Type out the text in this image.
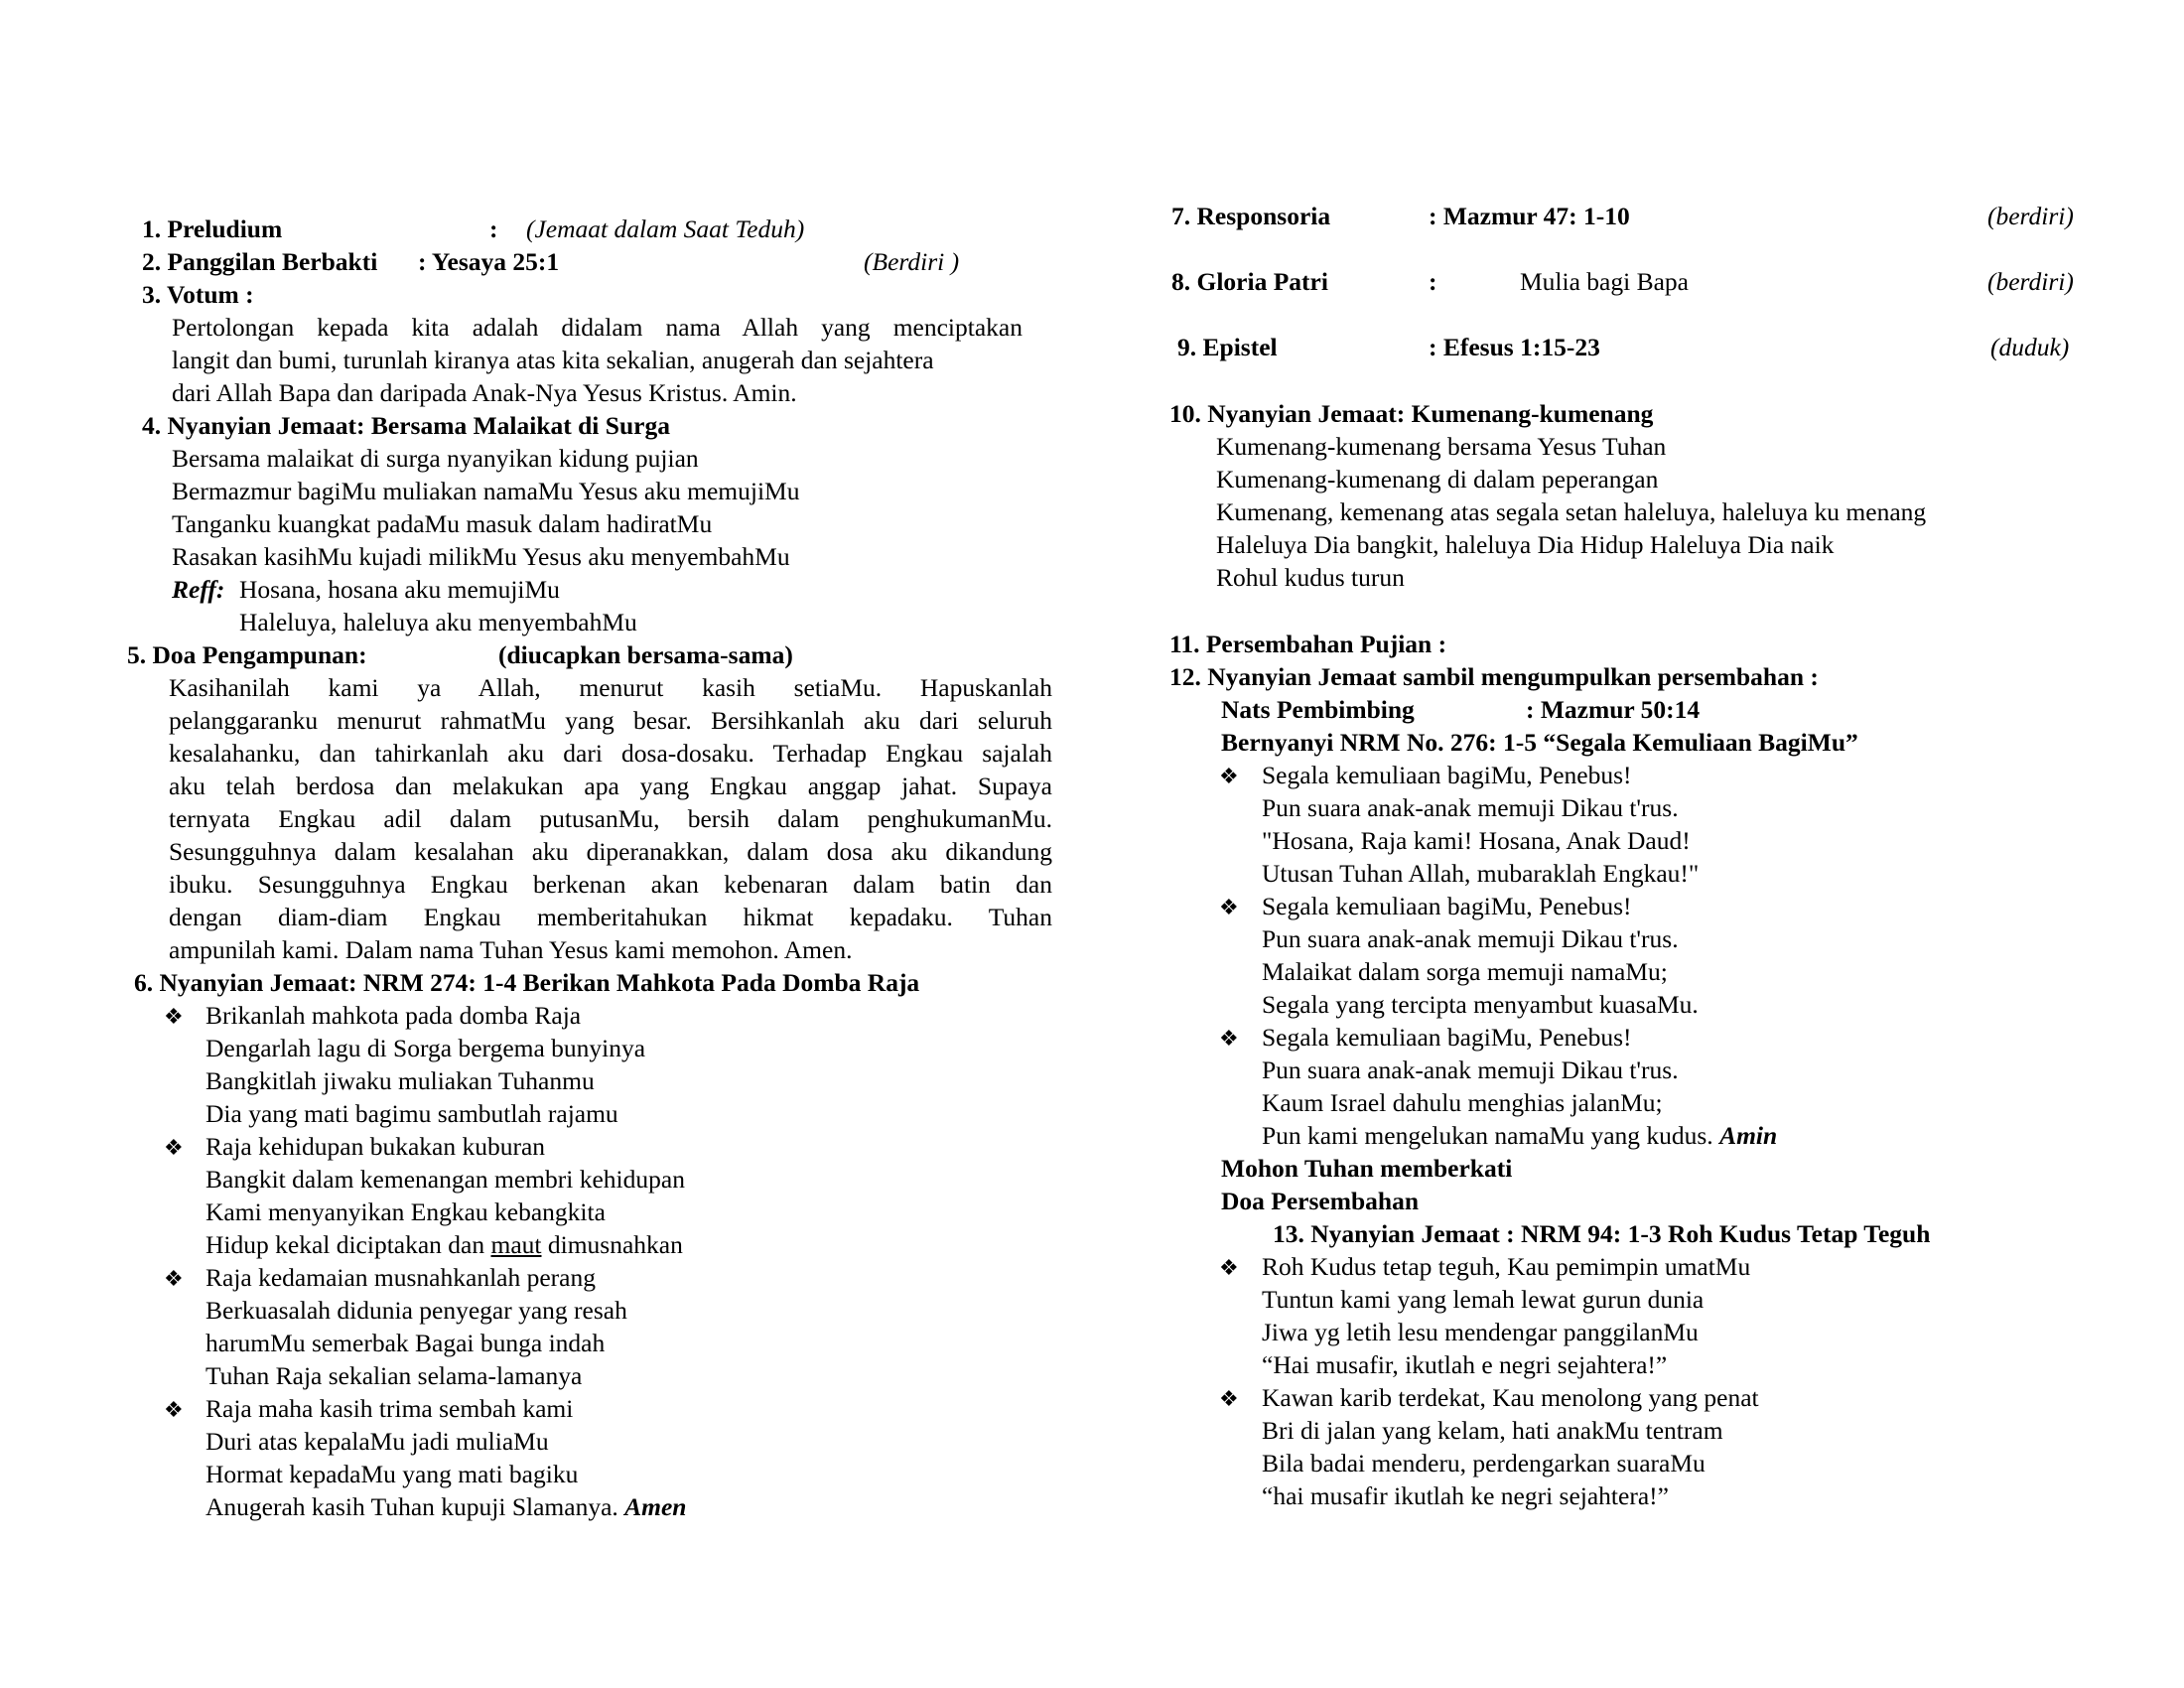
1. Preludium	: (Jemaat dalam Saat Teduh)
2. Panggilan Berbakti : Yesaya 25:1	(Berdiri )
3. Votum :
Pertolongan kepada kita adalah didalam nama Allah yang menciptakan
langit dan bumi, turunlah kiranya atas kita sekalian, anugerah dan sejahtera
dari Allah Bapa dan daripada Anak-Nya Yesus Kristus. Amin.
4. Nyanyian Jemaat: Bersama Malaikat di Surga
Bersama malaikat di surga nyanyikan kidung pujian
Bermazmur bagiMu muliakan namaMu Yesus aku memujiMu
Tanganku kuangkat padaMu masuk dalam hadiratMu
Rasakan kasihMu kujadi milikMu Yesus aku menyembahMu
Reff: Hosana, hosana aku memujiMu
Haleluya, haleluya aku menyembahMu
5. Doa Pengampunan:	(diucapkan bersama-sama)
Kasihanilah kami ya Allah, menurut kasih setiaMu. Hapuskanlah
pelanggaranku menurut rahmatMu yang besar. Bersihkanlah aku dari seluruh
kesalahanku, dan tahirkanlah aku dari dosa-dosaku. Terhadap Engkau sajalah
aku telah berdosa dan melakukan apa yang Engkau anggap jahat. Supaya
ternyata Engkau adil dalam putusanMu, bersih dalam penghukumanMu.
Sesungguhnya dalam kesalahan aku diperanakkan, dalam dosa aku dikandung
ibuku. Sesungguhnya Engkau berkenan akan kebenaran dalam batin dan
dengan diam-diam Engkau memberitahukan hikmat kepadaku. Tuhan
ampunilah kami. Dalam nama Tuhan Yesus kami memohon. Amen.
6. Nyanyian Jemaat: NRM 274: 1-4 Berikan Mahkota Pada Domba Raja
❖ Brikanlah mahkota pada domba Raja
Dengarlah lagu di Sorga bergema bunyinya
Bangkitlah jiwaku muliakan Tuhanmu
Dia yang mati bagimu sambutlah rajamu
❖ Raja kehidupan bukakan kuburan
Bangkit dalam kemenangan membri kehidupan
Kami menyanyikan Engkau kebangkita
Hidup kekal diciptakan dan maut dimusnahkan
❖ Raja kedamaian musnahkanlah perang
Berkuasalah didunia penyegar yang resah
harumMu semerbak Bagai bunga indah
Tuhan Raja sekalian selama-lamanya
❖ Raja maha kasih trima sembah kami
Duri atas kepalaMu jadi muliaMu
Hormat kepadaMu yang mati bagiku
Anugerah kasih Tuhan kupuji Slamanya. Amen
7. Responsoria	: Mazmur 47: 1-10	(berdiri)
8. Gloria Patri	:	Mulia bagi Bapa	(berdiri)
9. Epistel	: Efesus 1:15-23	(duduk)
10. Nyanyian Jemaat: Kumenang-kumenang
Kumenang-kumenang bersama Yesus Tuhan
Kumenang-kumenang di dalam peperangan
Kumenang, kemenang atas segala setan haleluya, haleluya ku menang
Haleluya Dia bangkit, haleluya Dia Hidup Haleluya Dia naik
Rohul kudus turun
11. Persembahan Pujian :
12. Nyanyian Jemaat sambil mengumpulkan persembahan :
Nats Pembimbing	: Mazmur 50:14
Bernyanyi NRM No. 276: 1-5 “Segala Kemuliaan BagiMu”
❖ Segala kemuliaan bagiMu, Penebus!
Pun suara anak-anak memuji Dikau t'rus.
"Hosana, Raja kami! Hosana, Anak Daud!
Utusan Tuhan Allah, mubaraklah Engkau!"
❖ Segala kemuliaan bagiMu, Penebus!
Pun suara anak-anak memuji Dikau t'rus.
Malaikat dalam sorga memuji namaMu;
Segala yang tercipta menyambut kuasaMu.
❖ Segala kemuliaan bagiMu, Penebus!
Pun suara anak-anak memuji Dikau t'rus.
Kaum Israel dahulu menghias jalanMu;
Pun kami mengelukan namaMu yang kudus. Amin
Mohon Tuhan memberkati
Doa Persembahan
13. Nyanyian Jemaat : NRM 94: 1-3 Roh Kudus Tetap Teguh
❖ Roh Kudus tetap teguh, Kau pemimpin umatMu
Tuntun kami yang lemah lewat gurun dunia
Jiwa yg letih lesu mendengar panggilanMu
“Hai musafir, ikutlah e negri sejahtera!”
❖ Kawan karib terdekat, Kau menolong yang penat
Bri di jalan yang kelam, hati anakMu tentram
Bila badai menderu, perdengarkan suaraMu
“hai musafir ikutlah ke negri sejahtera!”
